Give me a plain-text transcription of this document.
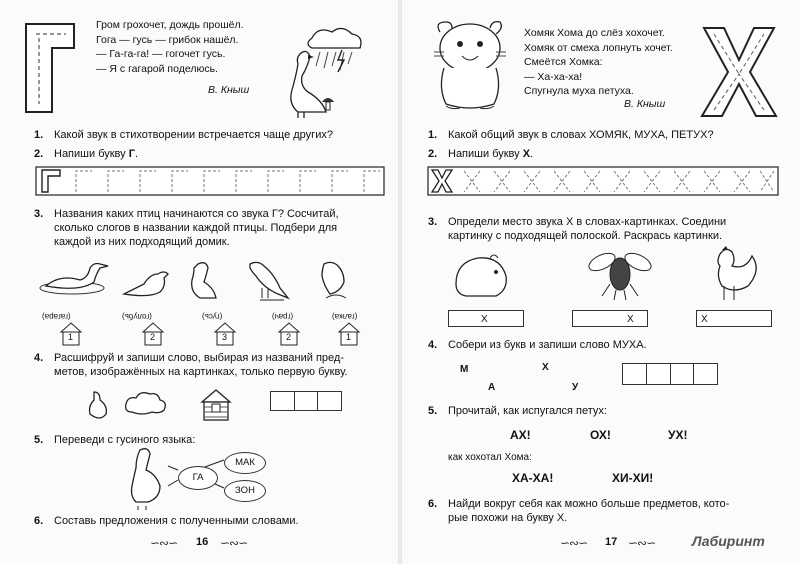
Гром грохочет, дождь прошёл.
Гога — гусь — грибок нашёл.
— Га-га-га! — гогочет гусь.
— Я с гагарой поделюсь.
В. Кныш
1. Какой звук в стихотворении встречается чаще других?
2. Напиши букву Г.
3. Названия каких птиц начинаются со звука Г? Сосчитай,
сколько слогов в названии каждой птицы. Подбери для
каждой из них подходящий домик.
(гагара)	(голубь)	(гусь)	(грач)	(галка)
1	2	3	2	1
4. Расшифруй и запиши слово, выбирая из названий пред-
метов, изображённых на картинках, только первую букву.
5. Переведи с гусиного языка:
ГА
МАК
ЗОН
6. Составь предложения с полученными словами.
∽∾∽ 16 ∽∾∽
Хомяк Хома до слёз хохочет.
Хомяк от смеха лопнуть хочет.
Смеётся Хомка:
— Ха-ха-ха!
Спугнула муха петуха.
В. Кныш
1. Какой общий звук в словах ХОМЯК, МУХА, ПЕТУХ?
2. Напиши букву Х.
3. Определи место звука Х в словах-картинках. Соедини
картинку с подходящей полоской. Раскрась картинки.
Х	Х	Х
4. Собери из букв и запиши слово МУХА.
М	Х
А	У
5. Прочитай, как испугался петух:
АХ!	ОХ!	УХ!
как хохотал Хома:
ХА-ХА!	ХИ-ХИ!
6. Найди вокруг себя как можно больше предметов, кото-
рые похожи на букву Х.
∽∾∽ 17 ∽∾∽	Лабиринт
